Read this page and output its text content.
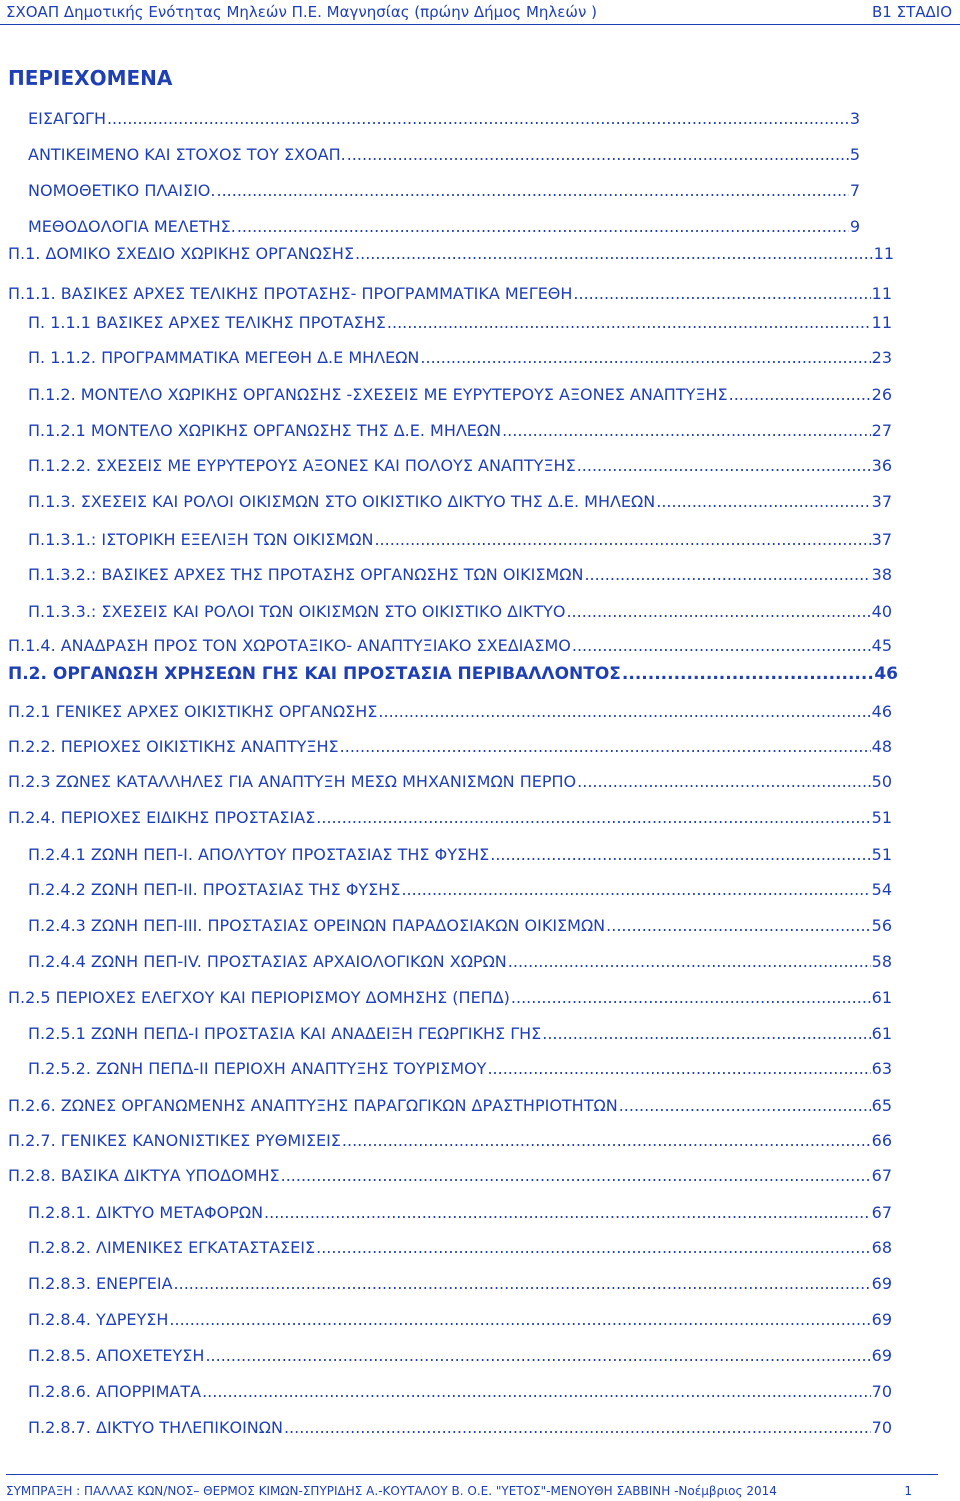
ΣΧΟΑΠ Δημοτικής Ενότητας Μηλεών Π.Ε. Μαγνησίας (πρώην Δήμος Μηλεών )	Β1 ΣΤΑΔΙΟ
ΠΕΡΙΕΧΟΜΕΝΑ
ΕΙΣΑΓΩΓΗ .....	3
ΑΝΤΙΚΕΙΜΕΝΟ ΚΑΙ ΣΤΟΧΟΣ ΤΟΥ ΣΧΟΑΠ. .....	5
ΝΟΜΟΘΕΤΙΚΟ ΠΛΑΙΣΙΟ. .....	7
ΜΕΘΟΔΟΛΟΓΙΑ ΜΕΛΕΤΗΣ. .....	9
Π.1. ΔΟΜΙΚΟ ΣΧΕΔΙΟ ΧΩΡΙΚΗΣ ΟΡΓΑΝΩΣΗΣ .....	11
Π.1.1. ΒΑΣΙΚΕΣ ΑΡΧΕΣ ΤΕΛΙΚΗΣ ΠΡΟΤΑΣΗΣ- ΠΡΟΓΡΑΜΜΑΤΙΚΑ ΜΕΓΕΘΗ .....	11
Π. 1.1.1 ΒΑΣΙΚΕΣ ΑΡΧΕΣ ΤΕΛΙΚΗΣ ΠΡΟΤΑΣΗΣ .....	11
Π. 1.1.2. ΠΡΟΓΡΑΜΜΑΤΙΚΑ ΜΕΓΕΘΗ Δ.Ε ΜΗΛΕΩΝ .....	23
Π.1.2. ΜΟΝΤΕΛΟ ΧΩΡΙΚΗΣ ΟΡΓΑΝΩΣΗΣ -ΣΧΕΣΕΙΣ ΜΕ ΕΥΡΥΤΕΡΟΥΣ ΑΞΟΝΕΣ ΑΝΑΠΤΥΞΗΣ .....	26
Π.1.2.1 ΜΟΝΤΕΛΟ ΧΩΡΙΚΗΣ ΟΡΓΑΝΩΣΗΣ ΤΗΣ Δ.Ε. ΜΗΛΕΩΝ .....	27
Π.1.2.2. ΣΧΕΣΕΙΣ ΜΕ ΕΥΡΥΤΕΡΟΥΣ ΑΞΟΝΕΣ ΚΑΙ ΠΟΛΟΥΣ ΑΝΑΠΤΥΞΗΣ .....	36
Π.1.3. ΣΧΕΣΕΙΣ ΚΑΙ ΡΟΛΟΙ ΟΙΚΙΣΜΩΝ ΣΤΟ ΟΙΚΙΣΤΙΚΟ ΔΙΚΤΥΟ ΤΗΣ Δ.Ε. ΜΗΛΕΩΝ .....	37
Π.1.3.1.: ΙΣΤΟΡΙΚΗ ΕΞΕΛΙΞΗ ΤΩΝ ΟΙΚΙΣΜΩΝ .....	37
Π.1.3.2.: ΒΑΣΙΚΕΣ ΑΡΧΕΣ ΤΗΣ ΠΡΟΤΑΣΗΣ ΟΡΓΑΝΩΣΗΣ ΤΩΝ ΟΙΚΙΣΜΩΝ .....	38
Π.1.3.3.: ΣΧΕΣΕΙΣ ΚΑΙ ΡΟΛΟΙ ΤΩΝ ΟΙΚΙΣΜΩΝ ΣΤΟ ΟΙΚΙΣΤΙΚΟ ΔΙΚΤΥΟ .....	40
Π.1.4. ΑΝΑΔΡΑΣΗ ΠΡΟΣ ΤΟΝ ΧΩΡΟΤΑΞΙΚΟ- ΑΝΑΠΤΥΞΙΑΚΟ ΣΧΕΔΙΑΣΜΟ .....	45
Π.2. ΟΡΓΑΝΩΣΗ ΧΡΗΣΕΩΝ ΓΗΣ ΚΑΙ ΠΡΟΣΤΑΣΙΑ ΠΕΡΙΒΑΛΛΟΝΤΟΣ .....	46
Π.2.1 ΓΕΝΙΚΕΣ ΑΡΧΕΣ ΟΙΚΙΣΤΙΚΗΣ ΟΡΓΑΝΩΣΗΣ .....	46
Π.2.2. ΠΕΡΙΟΧΕΣ ΟΙΚΙΣΤΙΚΗΣ ΑΝΑΠΤΥΞΗΣ .....	48
Π.2.3 ΖΩΝΕΣ ΚΑΤΑΛΛΗΛΕΣ ΓΙΑ ΑΝΑΠΤΥΞΗ ΜΕΣΩ ΜΗΧΑΝΙΣΜΩΝ ΠΕΡΠΟ .....	50
Π.2.4. ΠΕΡΙΟΧΕΣ ΕΙΔΙΚΗΣ ΠΡΟΣΤΑΣΙΑΣ .....	51
Π.2.4.1 ΖΩΝΗ ΠΕΠ-Ι. ΑΠΟΛΥΤΟΥ ΠΡΟΣΤΑΣΙΑΣ ΤΗΣ ΦΥΣΗΣ .....	51
Π.2.4.2 ΖΩΝΗ ΠΕΠ-ΙΙ. ΠΡΟΣΤΑΣΙΑΣ ΤΗΣ ΦΥΣΗΣ .....	54
Π.2.4.3 ΖΩΝΗ ΠΕΠ-ΙΙΙ. ΠΡΟΣΤΑΣΙΑΣ ΟΡΕΙΝΩΝ ΠΑΡΑΔΟΣΙΑΚΩΝ ΟΙΚΙΣΜΩΝ .....	56
Π.2.4.4 ΖΩΝΗ ΠΕΠ-IV. ΠΡΟΣΤΑΣΙΑΣ ΑΡΧΑΙΟΛΟΓΙΚΩΝ ΧΩΡΩΝ .....	58
Π.2.5 ΠΕΡΙΟΧΕΣ ΕΛΕΓΧΟΥ ΚΑΙ ΠΕΡΙΟΡΙΣΜΟΥ ΔΟΜΗΣΗΣ (ΠΕΠΔ) .....	61
Π.2.5.1 ΖΩΝΗ ΠΕΠΔ-Ι ΠΡΟΣΤΑΣΙΑ ΚΑΙ ΑΝΑΔΕΙΞΗ ΓΕΩΡΓΙΚΗΣ ΓΗΣ .....	61
Π.2.5.2. ΖΩΝΗ ΠΕΠΔ-ΙΙ ΠΕΡΙΟΧΗ ΑΝΑΠΤΥΞΗΣ ΤΟΥΡΙΣΜΟΥ .....	63
Π.2.6. ΖΩΝΕΣ ΟΡΓΑΝΩΜΕΝΗΣ ΑΝΑΠΤΥΞΗΣ ΠΑΡΑΓΩΓΙΚΩΝ ΔΡΑΣΤΗΡΙΟΤΗΤΩΝ .....	65
Π.2.7. ΓΕΝΙΚΕΣ ΚΑΝΟΝΙΣΤΙΚΕΣ ΡΥΘΜΙΣΕΙΣ .....	66
Π.2.8. ΒΑΣΙΚΑ ΔΙΚΤΥΑ ΥΠΟΔΟΜΗΣ .....	67
Π.2.8.1. ΔΙΚΤΥΟ ΜΕΤΑΦΟΡΩΝ .....	67
Π.2.8.2. ΛΙΜΕΝΙΚΕΣ ΕΓΚΑΤΑΣΤΑΣΕΙΣ .....	68
Π.2.8.3. ΕΝΕΡΓΕΙΑ .....	69
Π.2.8.4. ΥΔΡΕΥΣΗ .....	69
Π.2.8.5. ΑΠΟΧΕΤΕΥΣΗ .....	69
Π.2.8.6. ΑΠΟΡΡΙΜΑΤΑ .....	70
Π.2.8.7. ΔΙΚΤΥΟ ΤΗΛΕΠΙΚΟΙΝΩΝ .....	70
ΣΥΜΠΡΑΞΗ : ΠΑΛΛΑΣ ΚΩΝ/ΝΟΣ– ΘΕΡΜΟΣ ΚΙΜΩΝ-ΣΠΥΡΙΔΗΣ Α.-ΚΟΥΤΑΛΟΥ Β. Ο.Ε. "ΥΕΤΟΣ"-ΜΕΝΟΥΘΗ ΣΑΒΒΙΝΗ -Νοέμβριος 2014	1
